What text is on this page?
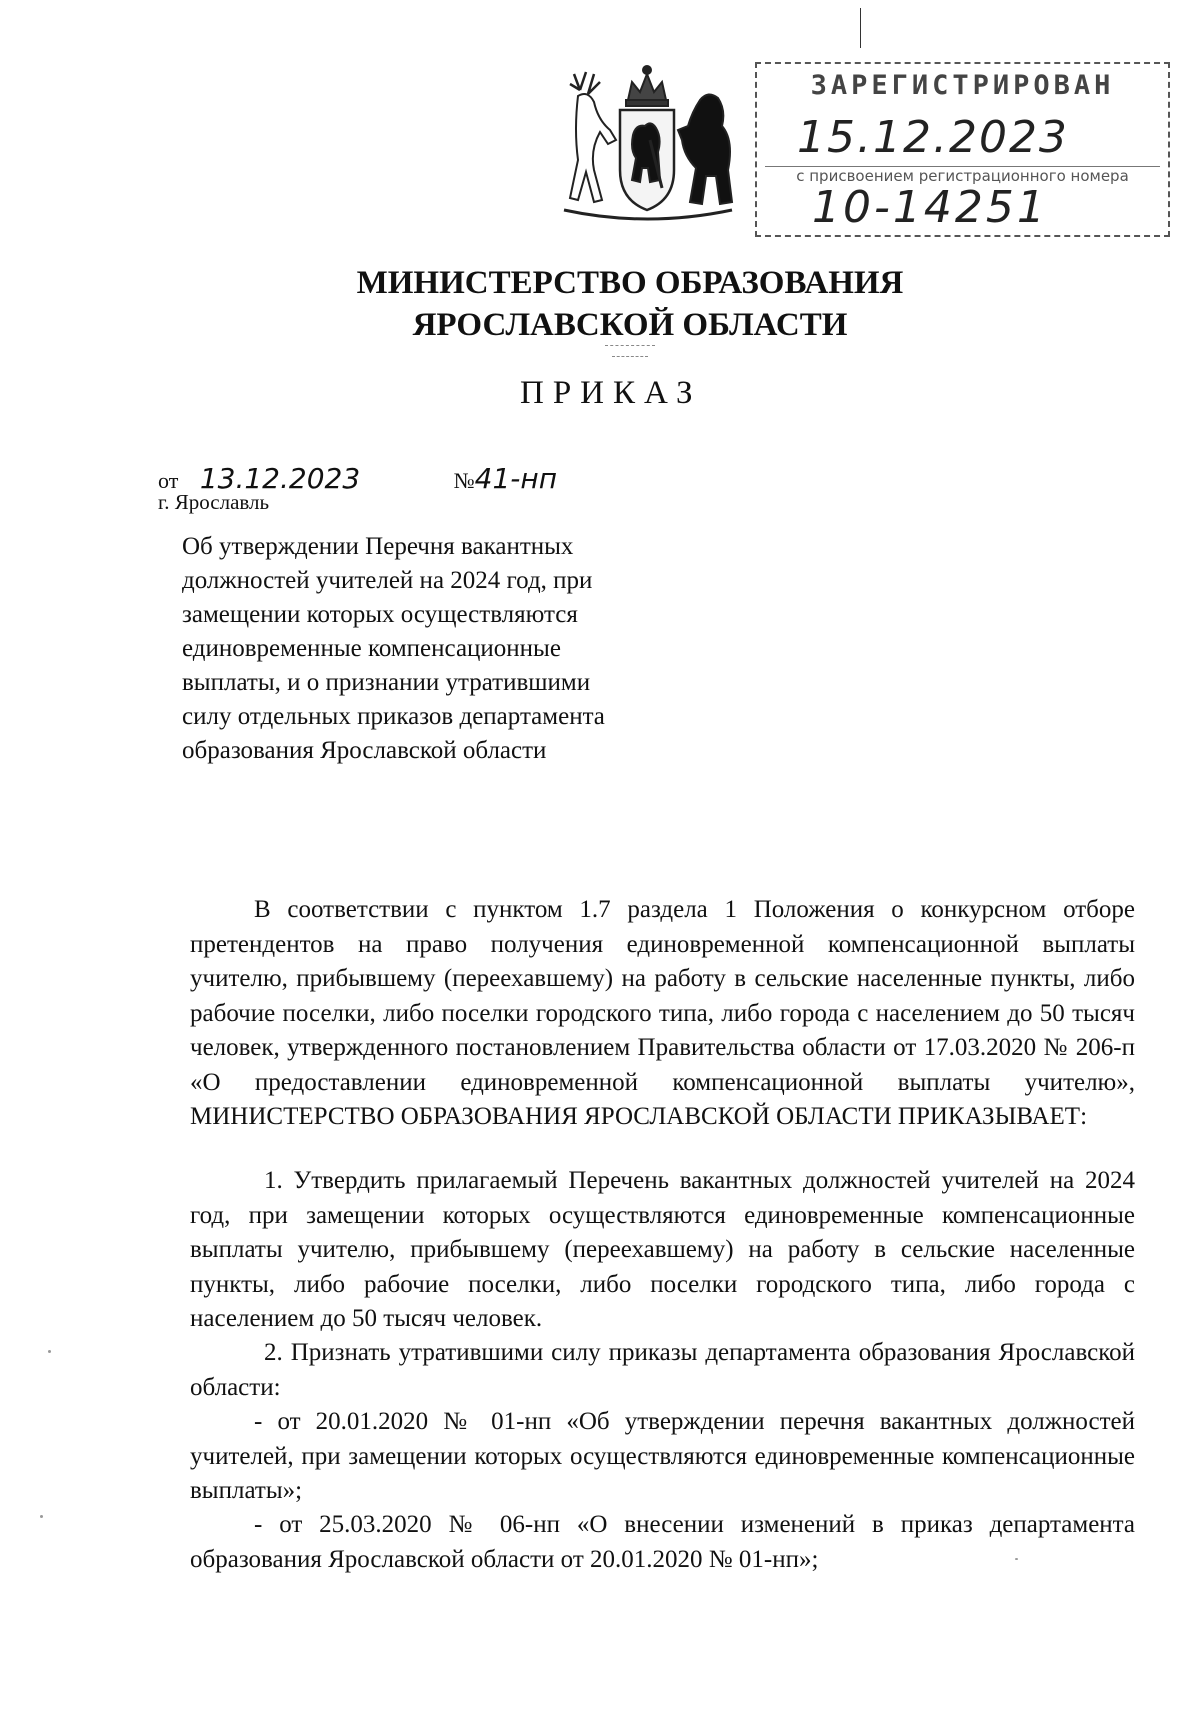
ЗАРЕГИСТРИРОВАН
15.12.2023
с присвоением регистрационного номера
10-14251
МИНИСТЕРСТВО ОБРАЗОВАНИЯ
ЯРОСЛАВСКОЙ ОБЛАСТИ
ПРИКАЗ
от 13.12.2023	№41-нп
г. Ярославль
Об утверждении Перечня вакантных должностей учителей на 2024 год, при замещении которых осуществляются единовременные компенсационные выплаты, и о признании утратившими силу отдельных приказов департамента образования Ярославской области
В соответствии с пунктом 1.7 раздела 1 Положения о конкурсном отборе претендентов на право получения единовременной компенсационной выплаты учителю, прибывшему (переехавшему) на работу в сельские населенные пункты, либо рабочие поселки, либо поселки городского типа, либо города с населением до 50 тысяч человек, утвержденного постановлением Правительства области от 17.03.2020 № 206-п «О предоставлении единовременной компенсационной выплаты учителю», МИНИСТЕРСТВО ОБРАЗОВАНИЯ ЯРОСЛАВСКОЙ ОБЛАСТИ ПРИКАЗЫВАЕТ:
1. Утвердить прилагаемый Перечень вакантных должностей учителей на 2024 год, при замещении которых осуществляются единовременные компенсационные выплаты учителю, прибывшему (переехавшему) на работу в сельские населенные пункты, либо рабочие поселки, либо поселки городского типа, либо города с населением до 50 тысяч человек.
2. Признать утратившими силу приказы департамента образования Ярославской области:
- от 20.01.2020 № 01-нп «Об утверждении перечня вакантных должностей учителей, при замещении которых осуществляются единовременные компенсационные выплаты»;
- от 25.03.2020 № 06-нп «О внесении изменений в приказ департамента образования Ярославской области от 20.01.2020 № 01-нп»;
